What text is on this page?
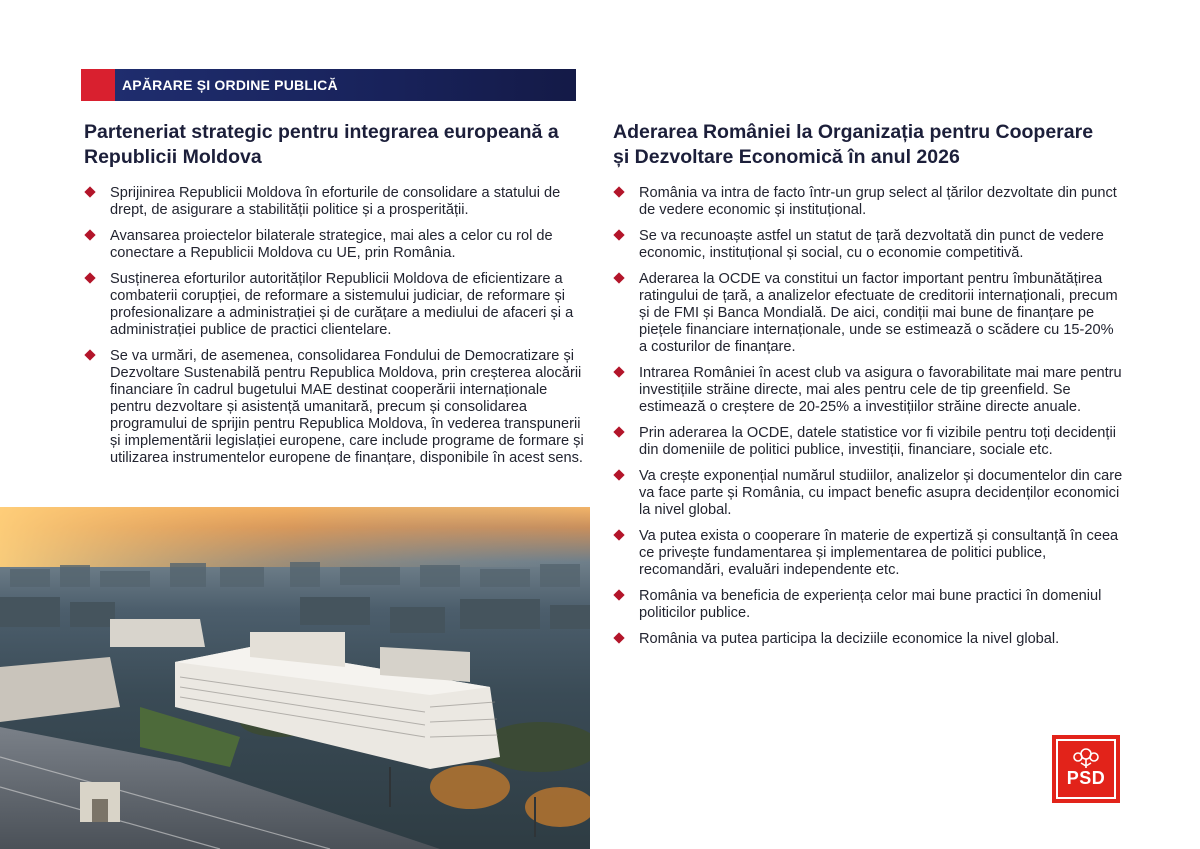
APĂRARE ȘI ORDINE PUBLICĂ
Parteneriat strategic pentru integrarea europeană a Republicii Moldova
Aderarea României la Organizația pentru Cooperare și Dezvoltare Economică în anul 2026
Sprijinirea Republicii Moldova în eforturile de consolidare a statului de drept, de asigurare a stabilității politice și a prosperității.
Avansarea proiectelor bilaterale strategice, mai ales a celor cu rol de conectare a Republicii Moldova cu UE, prin România.
Susținerea eforturilor autorităților Republicii Moldova de eficientizare a combaterii corupției, de reformare a sistemului judiciar, de reformare și profesionalizare a administrației și de curățare a mediului de afaceri și a administrației publice de practici clientelare.
Se va urmări, de asemenea, consolidarea Fondului de Democratizare și Dezvoltare Sustenabilă pentru Republica Moldova, prin creșterea alocării financiare în cadrul bugetului MAE destinat cooperării internaționale pentru dezvoltare și asistență umanitară, precum și consolidarea programului de sprijin pentru Republica Moldova, în vederea transpunerii și implementării legislației europene, care include programe de formare și utilizarea instrumentelor europene de finanțare, disponibile în acest sens.
România va intra de facto într-un grup select al țărilor dezvoltate din punct de vedere economic și instituțional.
Se va recunoaște astfel un statut de țară dezvoltată din punct de vedere economic, instituțional și social, cu o economie competitivă.
Aderarea la OCDE va constitui un factor important pentru îmbunătățirea ratingului de țară, a analizelor efectuate de creditorii internaționali, precum și de FMI și Banca Mondială. De aici, condiții mai bune de finanțare pe piețele financiare internaționale, unde se estimează o scădere cu 15-20% a costurilor de finanțare.
Intrarea României în acest club va asigura o favorabilitate mai mare pentru investițiile străine directe, mai ales pentru cele de tip greenfield. Se estimează o creștere de 20-25% a investițiilor străine directe anuale.
Prin aderarea la OCDE, datele statistice vor fi vizibile pentru toți decidenții din domeniile de politici publice, investiții, financiare, sociale etc.
Va crește exponențial numărul studiilor, analizelor și documentelor din care va face parte și România, cu impact benefic asupra decidenților economici la nivel global.
Va putea exista o cooperare în materie de expertiză și consultanță în ceea ce privește fundamentarea și implementarea de politici publice, recomandări, evaluări independente etc.
România va beneficia de experiența celor mai bune practici în domeniul politicilor publice.
România va putea participa la deciziile economice la nivel global.
PSD
